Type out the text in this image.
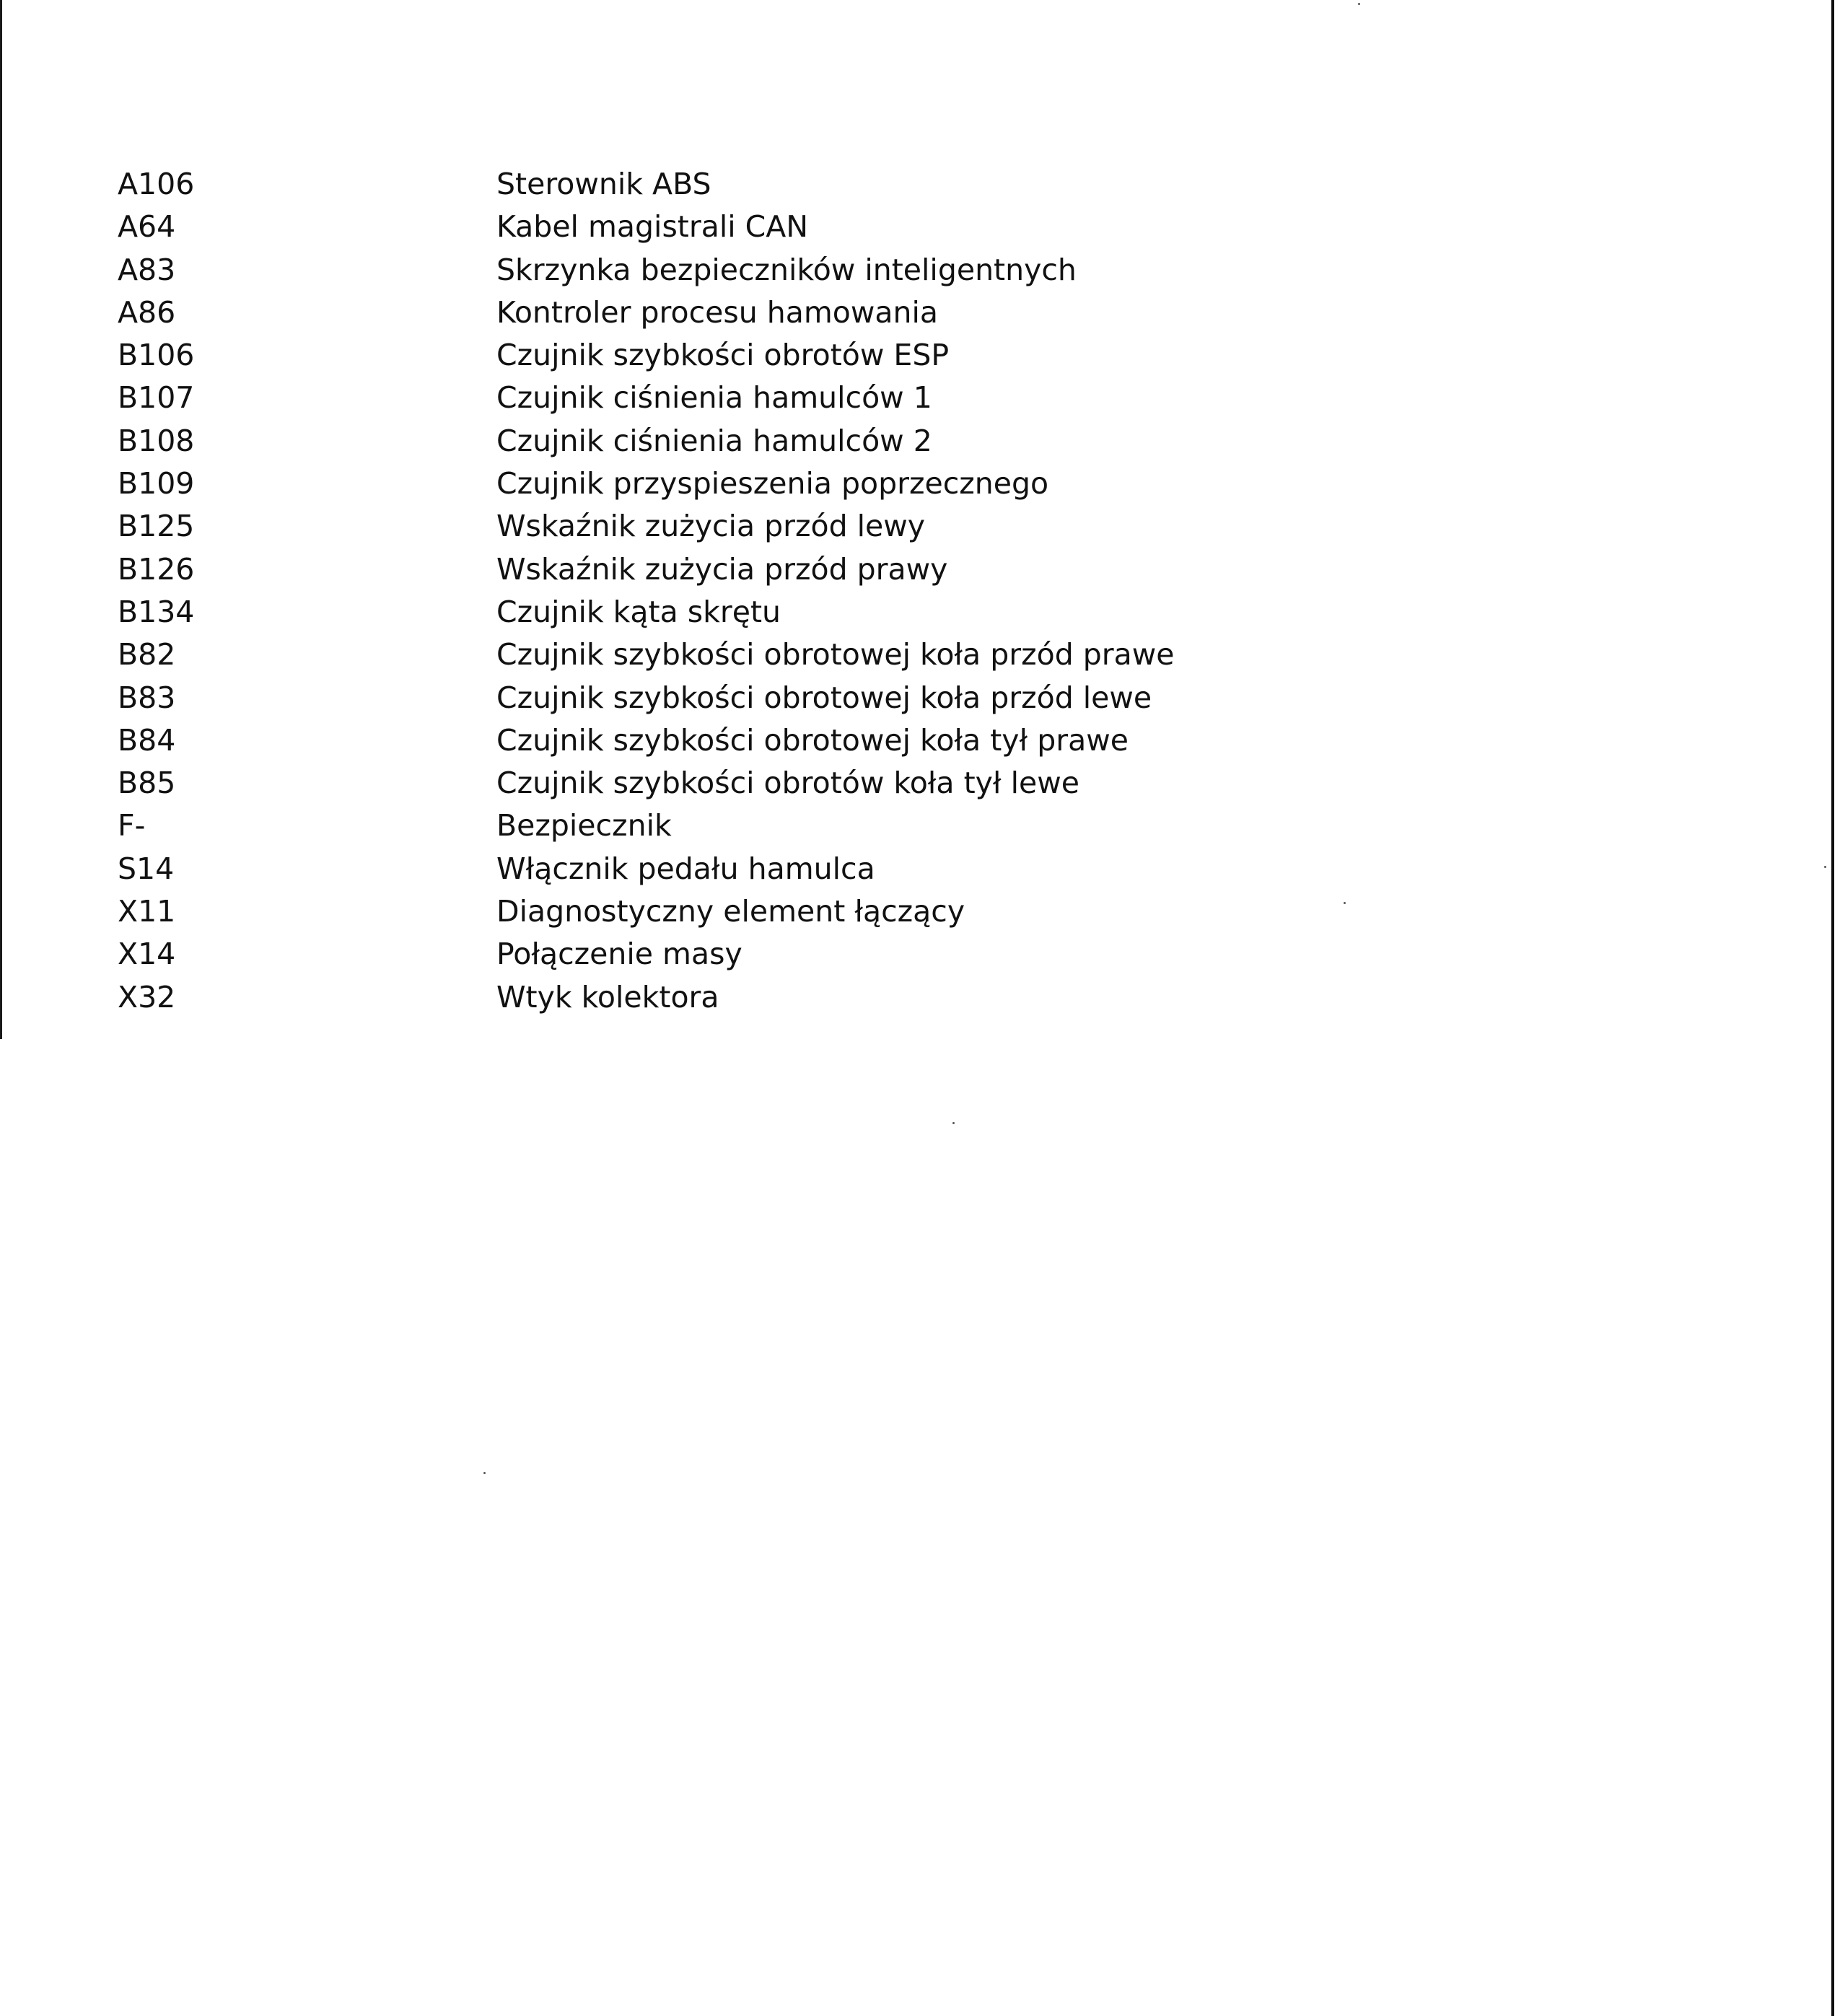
A106	Sterownik ABS
A64	Kabel magistrali CAN
A83	Skrzynka bezpieczników inteligentnych
A86	Kontroler procesu hamowania
B106	Czujnik szybkości obrotów ESP
B107	Czujnik ciśnienia hamulców 1
B108	Czujnik ciśnienia hamulców 2
B109	Czujnik przyspieszenia poprzecznego
B125	Wskaźnik zużycia przód lewy
B126	Wskaźnik zużycia przód prawy
B134	Czujnik kąta skrętu
B82	Czujnik szybkości obrotowej koła przód prawe
B83	Czujnik szybkości obrotowej koła przód lewe
B84	Czujnik szybkości obrotowej koła tył prawe
B85	Czujnik szybkości obrotów koła tył lewe
F-	Bezpiecznik
S14	Włącznik pedału hamulca
X11	Diagnostyczny element łączący
X14	Połączenie masy
X32	Wtyk kolektora
